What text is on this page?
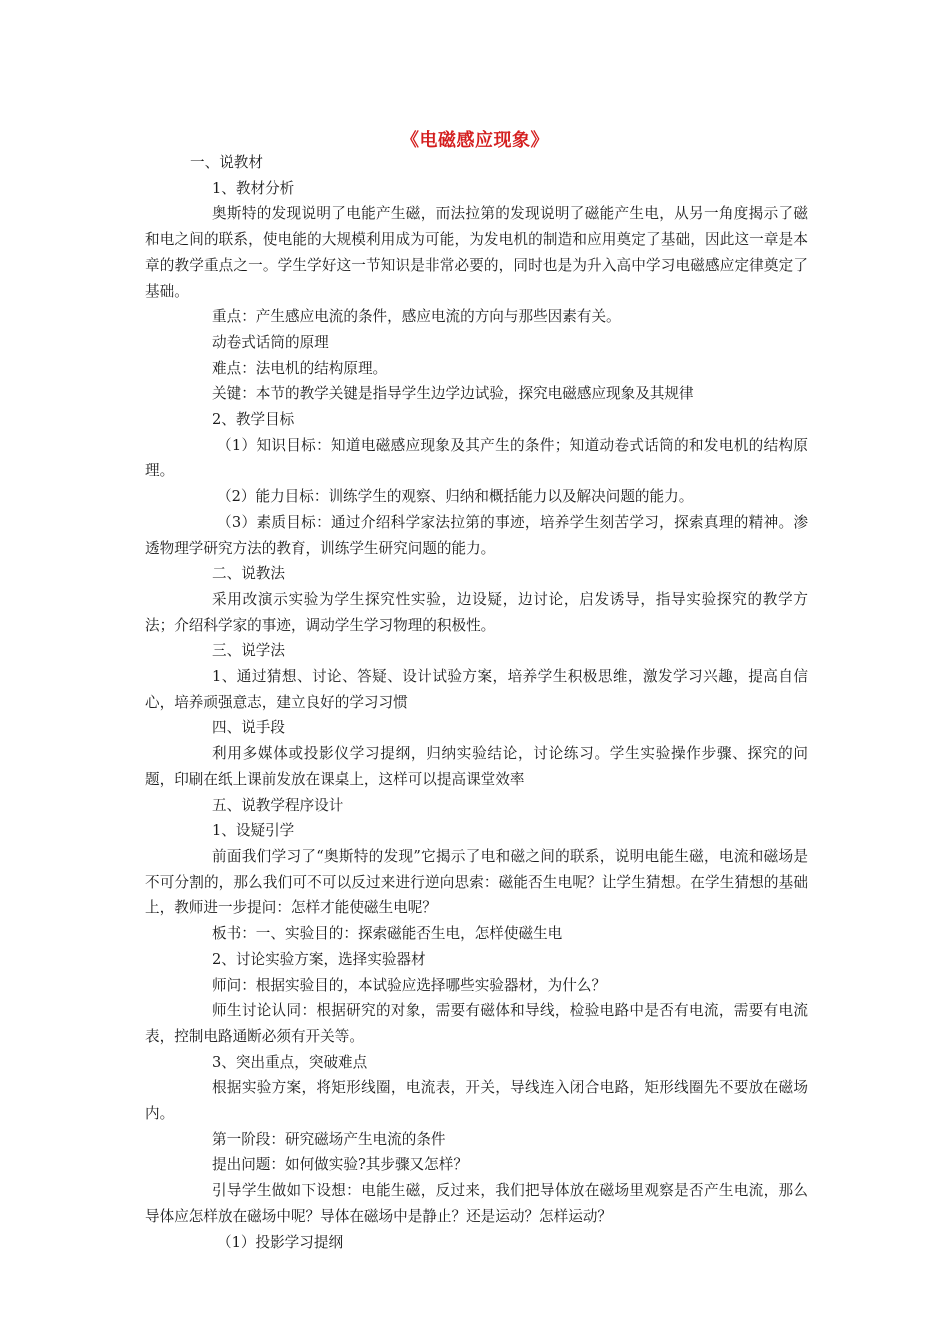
《电磁感应现象》

一、说教材

1、教材分析

奥斯特的发现说明了电能产生磁，而法拉第的发现说明了磁能产生电，从另一角度揭示了磁和电之间的联系，使电能的大规模利用成为可能，为发电机的制造和应用奠定了基础，因此这一章是本章的教学重点之一。学生学好这一节知识是非常必要的，同时也是为升入高中学习电磁感应定律奠定了基础。

重点：产生感应电流的条件，感应电流的方向与那些因素有关。

动卷式话筒的原理

难点：法电机的结构原理。

关键：本节的教学关键是指导学生边学边试验，探究电磁感应现象及其规律

2、教学目标

（1）知识目标：知道电磁感应现象及其产生的条件；知道动卷式话筒的和发电机的结构原理。

（2）能力目标：训练学生的观察、归纳和概括能力以及解决问题的能力。

（3）素质目标：通过介绍科学家法拉第的事迹，培养学生刻苦学习，探索真理的精神。渗透物理学研究方法的教育，训练学生研究问题的能力。

二、说教法

采用改演示实验为学生探究性实验，边设疑，边讨论，启发诱导，指导实验探究的教学方法；介绍科学家的事迹，调动学生学习物理的积极性。

三、说学法

1、通过猜想、讨论、答疑、设计试验方案，培养学生积极思维，激发学习兴趣，提高自信心，培养顽强意志，建立良好的学习习惯

四、说手段

利用多媒体或投影仪学习提纲，归纳实验结论，讨论练习。学生实验操作步骤、探究的问题，印刷在纸上课前发放在课桌上，这样可以提高课堂效率

五、说教学程序设计

1、设疑引学

前面我们学习了“奥斯特的发现”它揭示了电和磁之间的联系，说明电能生磁，电流和磁场是不可分割的，那么我们可不可以反过来进行逆向思索：磁能否生电呢？让学生猜想。在学生猜想的基础上，教师进一步提问：怎样才能使磁生电呢？

板书：一、实验目的：探索磁能否生电，怎样使磁生电

2、讨论实验方案，选择实验器材

师问：根据实验目的，本试验应选择哪些实验器材，为什么？

师生讨论认同：根据研究的对象，需要有磁体和导线，检验电路中是否有电流，需要有电流表，控制电路通断必须有开关等。

3、突出重点，突破难点

根据实验方案，将矩形线圈，电流表，开关，导线连入闭合电路，矩形线圈先不要放在磁场内。

第一阶段：研究磁场产生电流的条件

提出问题：如何做实验?其步骤又怎样？

引导学生做如下设想：电能生磁，反过来，我们把导体放在磁场里观察是否产生电流，那么导体应怎样放在磁场中呢？导体在磁场中是静止？还是运动？怎样运动？

（1）投影学习提纲
